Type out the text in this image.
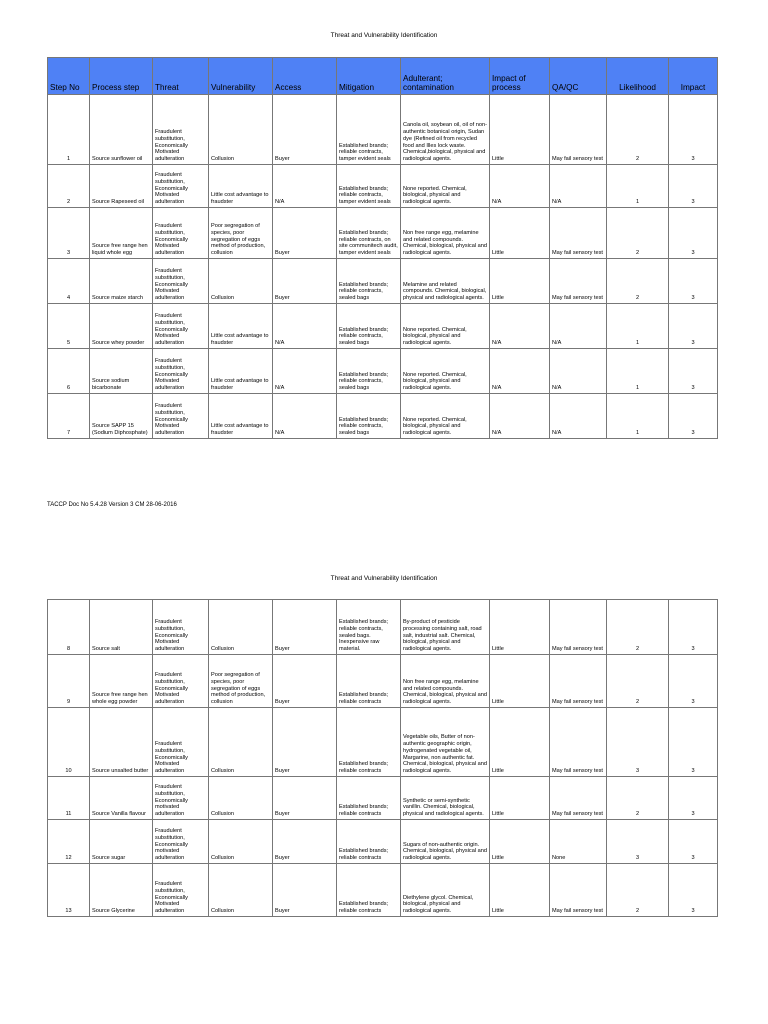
Threat and Vulnerability Identification
Step No	Process step	Threat	Vulnerability	Access	Mitigation	Adulterant; contamination	Impact of process	QA/QC	Likelihood	Impact
1	Source sunflower oil	Fraudulent substitution, Economically Motivated adulteration	Collusion	Buyer	Established brands; reliable contracts, tamper evident seals	Canola oil, soybean oil, oil of non-authentic botanical origin, Sudan dye (Refined oil from recycled food and Illes lock waste. Chemical,biological, physical and radiological agents.	Little	May fail sensory test	2	3
2	Source Rapeseed oil	Fraudulent substitution, Economically Motivated adulteration	Little cost advantage to fraudster	N/A	Established brands; reliable contracts, tamper evident seals	None reported. Chemical, biological, physical and radiological agents.	N/A	N/A	1	3
3	Source free range hen liquid whole egg	Fraudulent substitution, Economically Motivated adulteration	Poor segregation of species, poor segregation of eggs method of production, collusion	Buyer	Established brands; reliable contracts, on site communitech audit, tamper evident seals	Non free range egg, melamine and related compounds. Chemical, biological, physical and radiological agents.	Little	May fail sensory test	2	3
4	Source maize starch	Fraudulent substitution, Economically Motivated adulteration	Collusion	Buyer	Established brands; reliable contracts, sealed bags	Melamine and related compounds. Chemical, biological, physical and radiological agents.	Little	May fail sensory test	2	3
5	Source whey powder	Fraudulent substitution, Economically Motivated adulteration	Little cost advantage to fraudster	N/A	Established brands; reliable contracts, sealed bags	None reported. Chemical, biological, physical and radiological agents.	N/A	N/A	1	3
6	Source sodium bicarbonate	Fraudulent substitution, Economically Motivated adulteration	Little cost advantage to fraudster	N/A	Established brands; reliable contracts, sealed bags	None reported. Chemical, biological, physical and radiological agents.	N/A	N/A	1	3
7	Source SAPP 15 (Sodium Diphosphate)	Fraudulent substitution, Economically Motivated adulteration	Little cost advantage to fraudster	N/A	Established brands; reliable contracts, sealed bags	None reported. Chemical, biological, physical and radiological agents.	N/A	N/A	1	3
TACCP Doc No 5.4.28 Version 3 CM 28-06-2016
Threat and Vulnerability Identification
8	Source salt	Fraudulent substitution, Economically Motivated adulteration	Collusion	Buyer	Established brands; reliable contracts, sealed bags. Inexpensive raw material.	By-product of pesticide processing containing salt, road salt, industrial salt. Chemical, biological, physical and radiological agents.	Little	May fail sensory test	2	3
9	Source free range hen whole egg powder	Fraudulent substitution, Economically Motivated adulteration	Poor segregation of species, poor segregation of eggs method of production, collusion	Buyer	Established brands; reliable contracts	Non free range egg, melamine and related compounds. Chemical, biological, physical and radiological agents.	Little	May fail sensory test	2	3
10	Source unsalted butter	Fraudulent substitution, Economically Motivated adulteration	Collusion	Buyer	Established brands; reliable contracts	Vegetable oils, Butter of non-authentic geographic origin, hydrogenated vegetable oil, Margarine, non authentic fat. Chemical, biological, physical and radiological agents.	Little	May fail sensory test	3	3
11	Source Vanilla flavour	Fraudulent substitution, Economically motivated adulteration	Collusion	Buyer	Established brands; reliable contracts	Synthetic or semi-synthetic vanillin. Chemical, biological, physical and radiological agents.	Little	May fail sensory test	2	3
12	Source sugar	Fraudulent substitution, Economically motivated adulteration	Collusion	Buyer	Established brands; reliable contracts	Sugars of non-authentic origin. Chemical, biological, physical and radiological agents.	Little	None	3	3
13	Source Glycerine	Fraudulent substitution, Economically Motivated adulteration	Collusion	Buyer	Established brands; reliable contracts	Diethylene glycol. Chemical, biological, physical and radiological agents.	Little	May fail sensory test	2	3
